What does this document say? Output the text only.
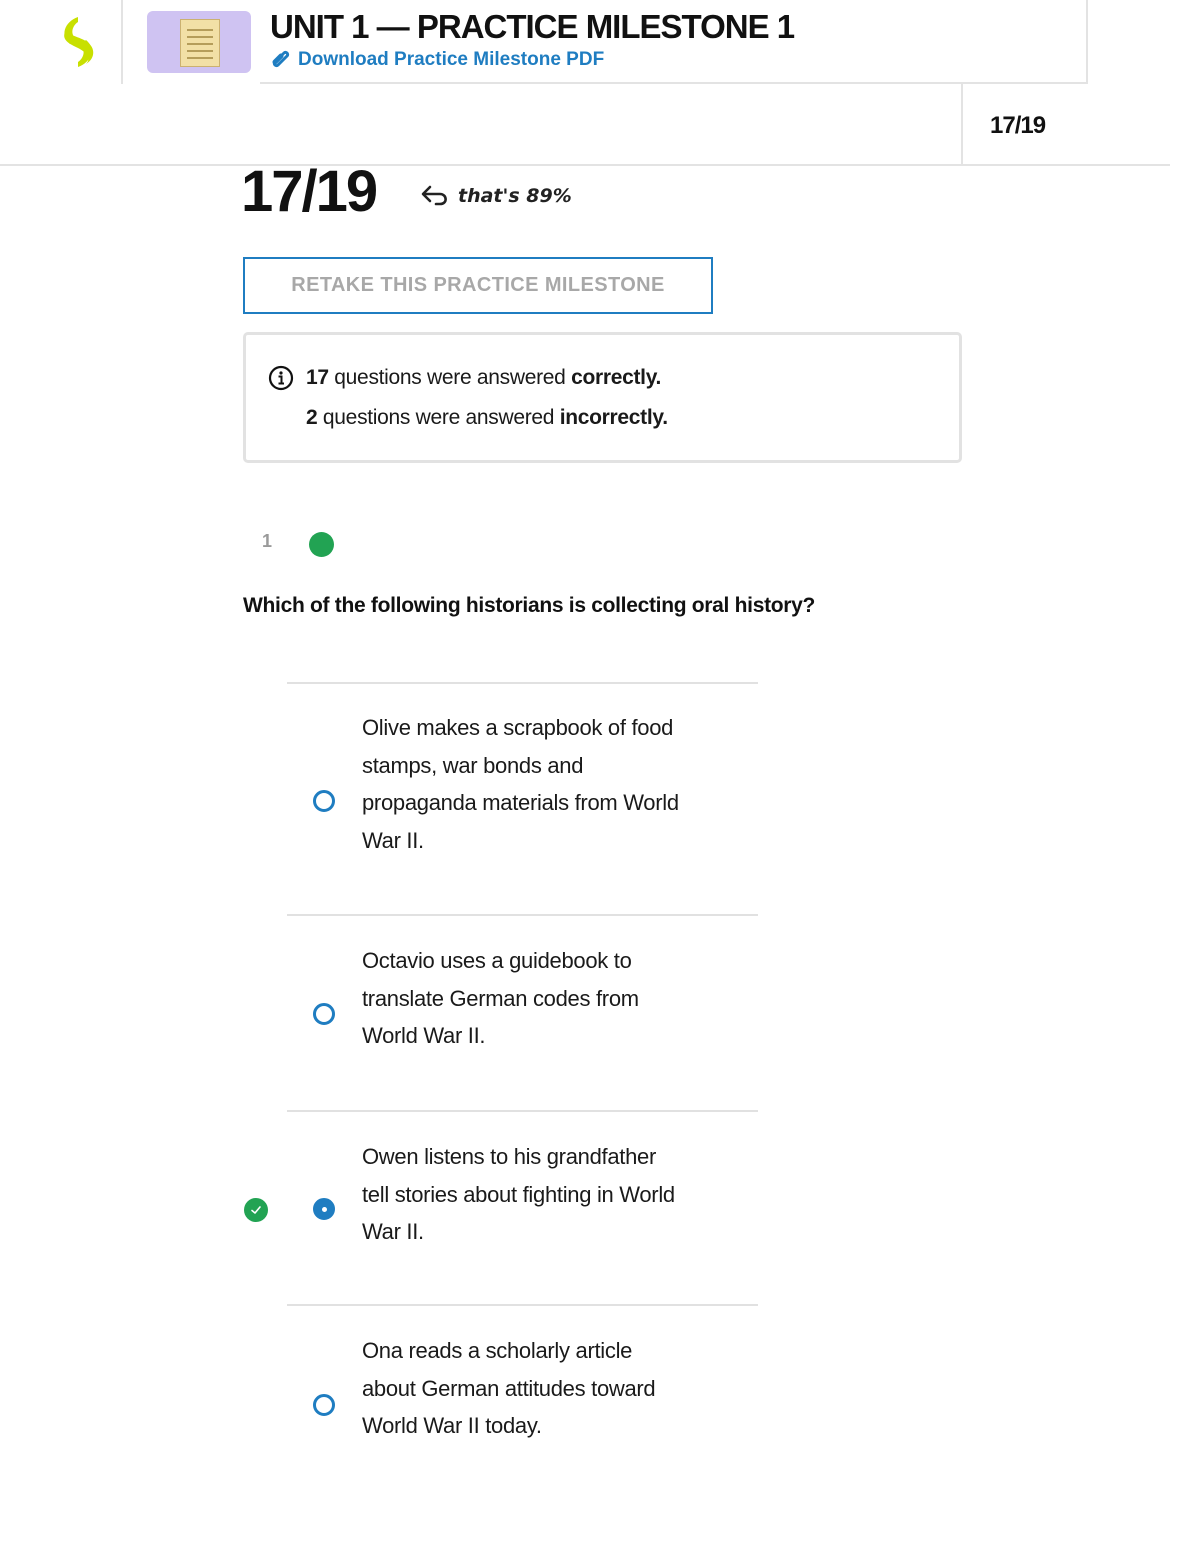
UNIT 1 — PRACTICE MILESTONE 1
Download Practice Milestone PDF
17/19
17/19	that's 89%
RETAKE THIS PRACTICE MILESTONE
17 questions were answered correctly.
2 questions were answered incorrectly.
1
Which of the following historians is collecting oral history?
Olive makes a scrapbook of food
stamps, war bonds and
propaganda materials from World
War II.
Octavio uses a guidebook to
translate German codes from
World War II.
Owen listens to his grandfather
tell stories about fighting in World
War II.
Ona reads a scholarly article
about German attitudes toward
World War II today.
